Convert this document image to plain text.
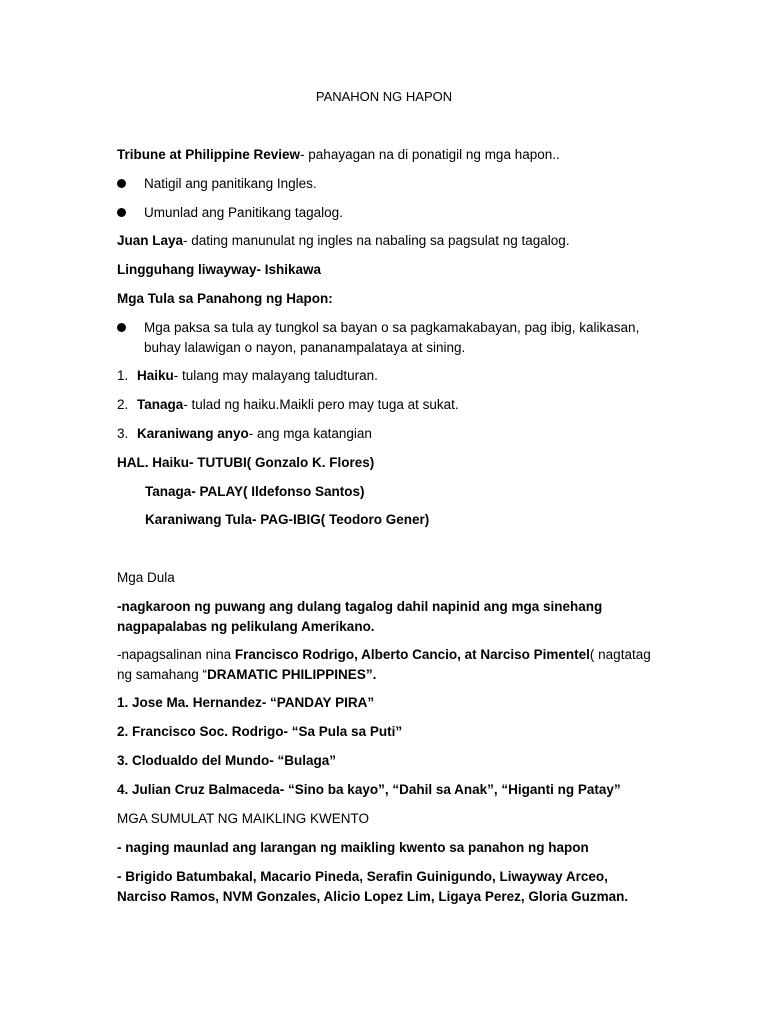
PANAHON NG HAPON
Tribune at Philippine Review- pahayagan na di ponatigil ng mga hapon..
Natigil ang panitikang Ingles.
Umunlad ang Panitikang tagalog.
Juan Laya- dating manunulat ng ingles na nabaling sa pagsulat ng tagalog.
Lingguhang liwayway- Ishikawa
Mga Tula sa Panahong ng Hapon:
Mga paksa sa tula ay tungkol sa bayan o sa pagkamakabayan, pag ibig, kalikasan,
buhay lalawigan o nayon, pananampalataya at sining.
1. Haiku- tulang may malayang taludturan.
2. Tanaga- tulad ng haiku.Maikli pero may tuga at sukat.
3. Karaniwang anyo- ang mga katangian
HAL. Haiku- TUTUBI( Gonzalo K. Flores)
Tanaga- PALAY( Ildefonso Santos)
Karaniwang Tula- PAG-IBIG( Teodoro Gener)
Mga Dula
-nagkaroon ng puwang ang dulang tagalog dahil napinid ang mga sinehang
nagpapalabas ng pelikulang Amerikano.
-napagsalinan nina Francisco Rodrigo, Alberto Cancio, at Narciso Pimentel( nagtatag
ng samahang “DRAMATIC PHILIPPINES”.
1. Jose Ma. Hernandez- “PANDAY PIRA”
2. Francisco Soc. Rodrigo- “Sa Pula sa Puti”
3. Clodualdo del Mundo- “Bulaga”
4. Julian Cruz Balmaceda- “Sino ba kayo”, “Dahil sa Anak”, “Higanti ng Patay”
MGA SUMULAT NG MAIKLING KWENTO
- naging maunlad ang larangan ng maikling kwento sa panahon ng hapon
- Brigido Batumbakal, Macario Pineda, Serafin Guinigundo, Liwayway Arceo,
Narciso Ramos, NVM Gonzales, Alicio Lopez Lim, Ligaya Perez, Gloria Guzman.
